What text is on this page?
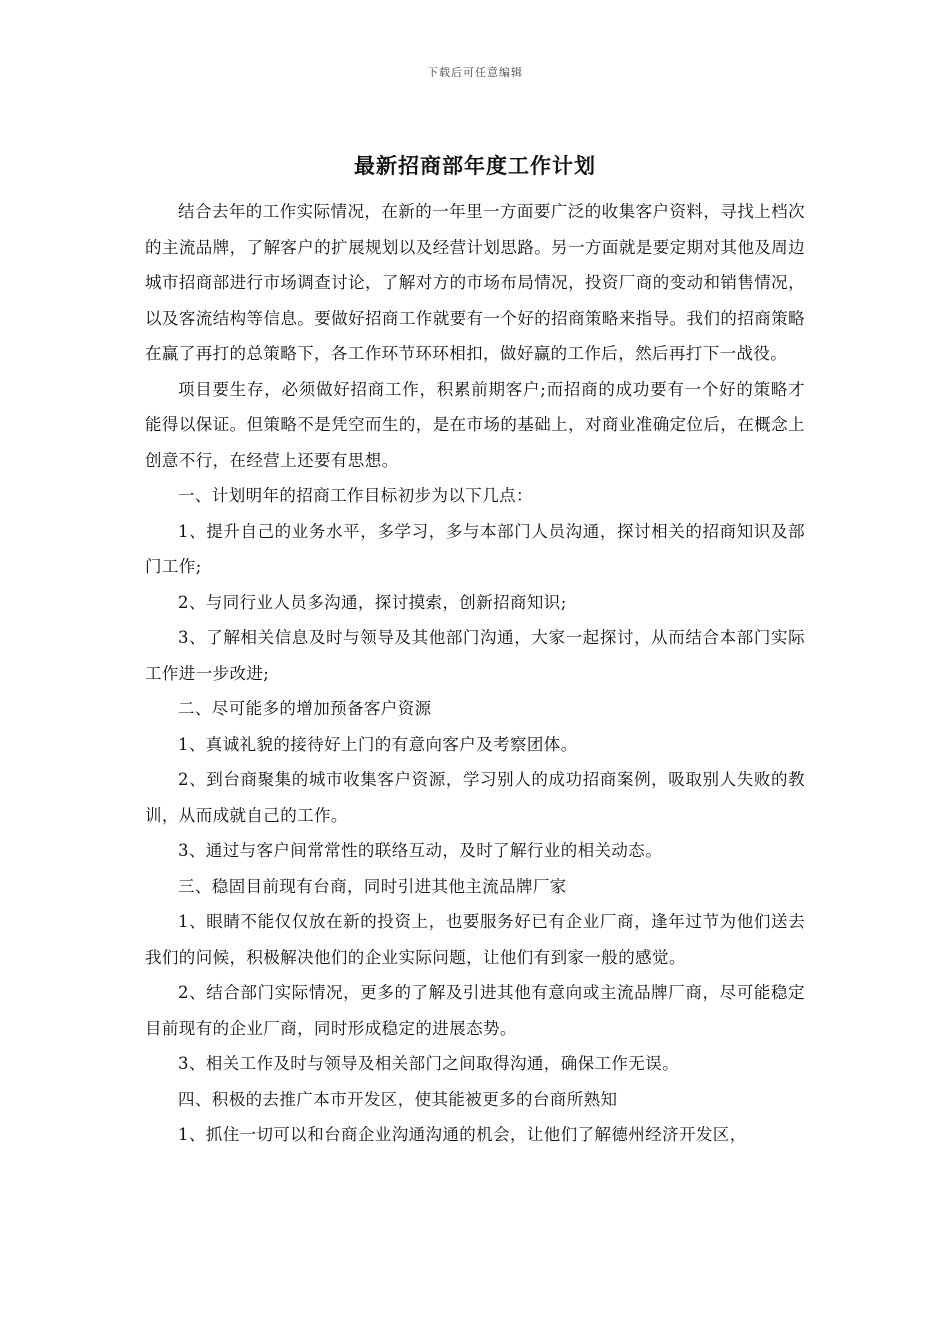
下载后可任意编辑
最新招商部年度工作计划

结合去年的工作实际情况，在新的一年里一方面要广泛的收集客户资料，寻找上档次的主流品牌，了解客户的扩展规划以及经营计划思路。另一方面就是要定期对其他及周边城市招商部进行市场调查讨论，了解对方的市场布局情况，投资厂商的变动和销售情况，以及客流结构等信息。要做好招商工作就要有一个好的招商策略来指导。我们的招商策略在赢了再打的总策略下，各工作环节环环相扣，做好赢的工作后，然后再打下一战役。

项目要生存，必须做好招商工作，积累前期客户;而招商的成功要有一个好的策略才能得以保证。但策略不是凭空而生的，是在市场的基础上，对商业准确定位后，在概念上创意不行，在经营上还要有思想。

一、计划明年的招商工作目标初步为以下几点：

1、提升自己的业务水平，多学习，多与本部门人员沟通，探讨相关的招商知识及部门工作;

2、与同行业人员多沟通，探讨摸索，创新招商知识;

3、了解相关信息及时与领导及其他部门沟通，大家一起探讨，从而结合本部门实际工作进一步改进;

二、尽可能多的增加预备客户资源

1、真诚礼貌的接待好上门的有意向客户及考察团体。

2、到台商聚集的城市收集客户资源，学习别人的成功招商案例，吸取别人失败的教训，从而成就自己的工作。

3、通过与客户间常常性的联络互动，及时了解行业的相关动态。

三、稳固目前现有台商，同时引进其他主流品牌厂家

1、眼睛不能仅仅放在新的投资上，也要服务好已有企业厂商，逢年过节为他们送去我们的问候，积极解决他们的企业实际问题，让他们有到家一般的感觉。

2、结合部门实际情况，更多的了解及引进其他有意向或主流品牌厂商，尽可能稳定目前现有的企业厂商，同时形成稳定的进展态势。

3、相关工作及时与领导及相关部门之间取得沟通，确保工作无误。

四、积极的去推广本市开发区，使其能被更多的台商所熟知

1、抓住一切可以和台商企业沟通沟通的机会，让他们了解德州经济开发区，
